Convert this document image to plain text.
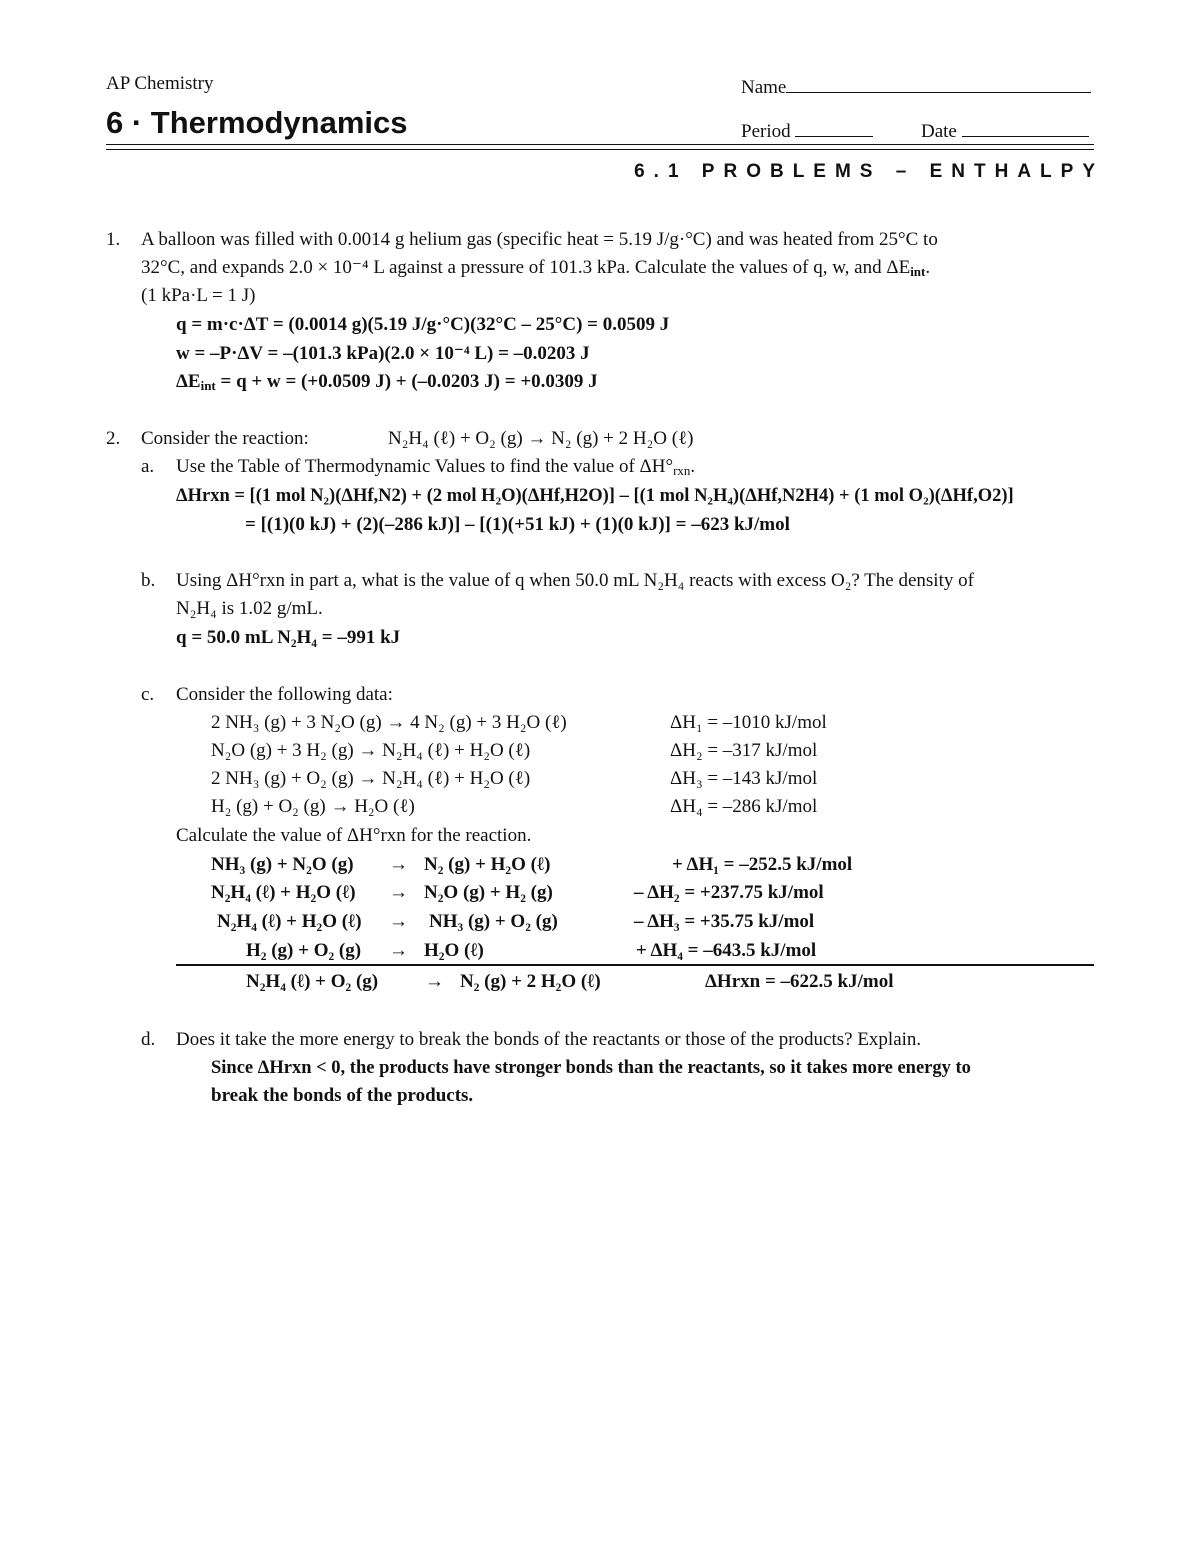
AP Chemistry
6 · Thermodynamics
Name
Period	Date
6.1 PROBLEMS – ENTHALPY
1. A balloon was filled with 0.0014 g helium gas (specific heat = 5.19 J/g·°C) and was heated from 25°C to
32°C, and expands 2.0 × 10⁻⁴ L against a pressure of 101.3 kPa. Calculate the values of q, w, and $\Delta E_{int}$.
(1 kPa·L = 1 J)
q = m·c·ΔT = (0.0014 g)(5.19 J/g·°C)(32°C – 25°C) = 0.0509 J
w = –P·ΔV = –(101.3 kPa)(2.0 × 10⁻⁴ L) = –0.0203 J
$\Delta E_{int} = q + w = (+0.0509$ J) + (–0.0203 J) = +0.0309 J
2. Consider the reaction:	N₂H₄ (ℓ) + O₂ (g) → N₂ (g) + 2 H₂O (ℓ)
a. Use the Table of Thermodynamic Values to find the value of $\Delta H^\circ_{rxn}$.
ΔHrxn = [(1 mol N₂)(ΔHf,N2) + (2 mol H₂O)(ΔHf,H2O)] – [(1 mol N₂H₄)(ΔHf,N2H4) + (1 mol O₂)(ΔHf,O2)]
= [(1)(0 kJ) + (2)(–286 kJ)] – [(1)(+51 kJ) + (1)(0 kJ)] = –623 kJ/mol
b. Using ΔH°rxn in part a, what is the value of q when 50.0 mL N₂H₄ reacts with excess O₂? The density of
N₂H₄ is 1.02 g/mL.
q = 50.0 mL N₂H₄ = –991 kJ
c. Consider the following data:
2 NH₃ (g) + 3 N₂O (g) → 4 N₂ (g) + 3 H₂O (ℓ)	ΔH₁ = –1010 kJ/mol
N₂O (g) + 3 H₂ (g) → N₂H₄ (ℓ) + H₂O (ℓ)	ΔH₂ = –317 kJ/mol
2 NH₃ (g) + O₂ (g) → N₂H₄ (ℓ) + H₂O (ℓ)	ΔH₃ = –143 kJ/mol
H₂ (g) + O₂ (g) → H₂O (ℓ)	ΔH₄ = –286 kJ/mol
Calculate the value of ΔH°rxn for the reaction.
NH₃ (g) + N₂O (g) → N₂ (g) + H₂O (ℓ)	+ ΔH₁ = –252.5 kJ/mol
N₂H₄ (ℓ) + H₂O (ℓ) → N₂O (g) + H₂ (g)	– ΔH₂ = +237.75 kJ/mol
N₂H₄ (ℓ) + H₂O (ℓ) → NH₃ (g) + O₂ (g)	– ΔH₃ = +35.75 kJ/mol
H₂ (g) + O₂ (g) → H₂O (ℓ)	+ ΔH₄ = –643.5 kJ/mol
N₂H₄ (ℓ) + O₂ (g) → N₂ (g) + 2 H₂O (ℓ)	ΔHrxn = –622.5 kJ/mol
d. Does it take the more energy to break the bonds of the reactants or those of the products? Explain.
Since ΔHrxn < 0, the products have stronger bonds than the reactants, so it takes more energy to
break the bonds of the products.
